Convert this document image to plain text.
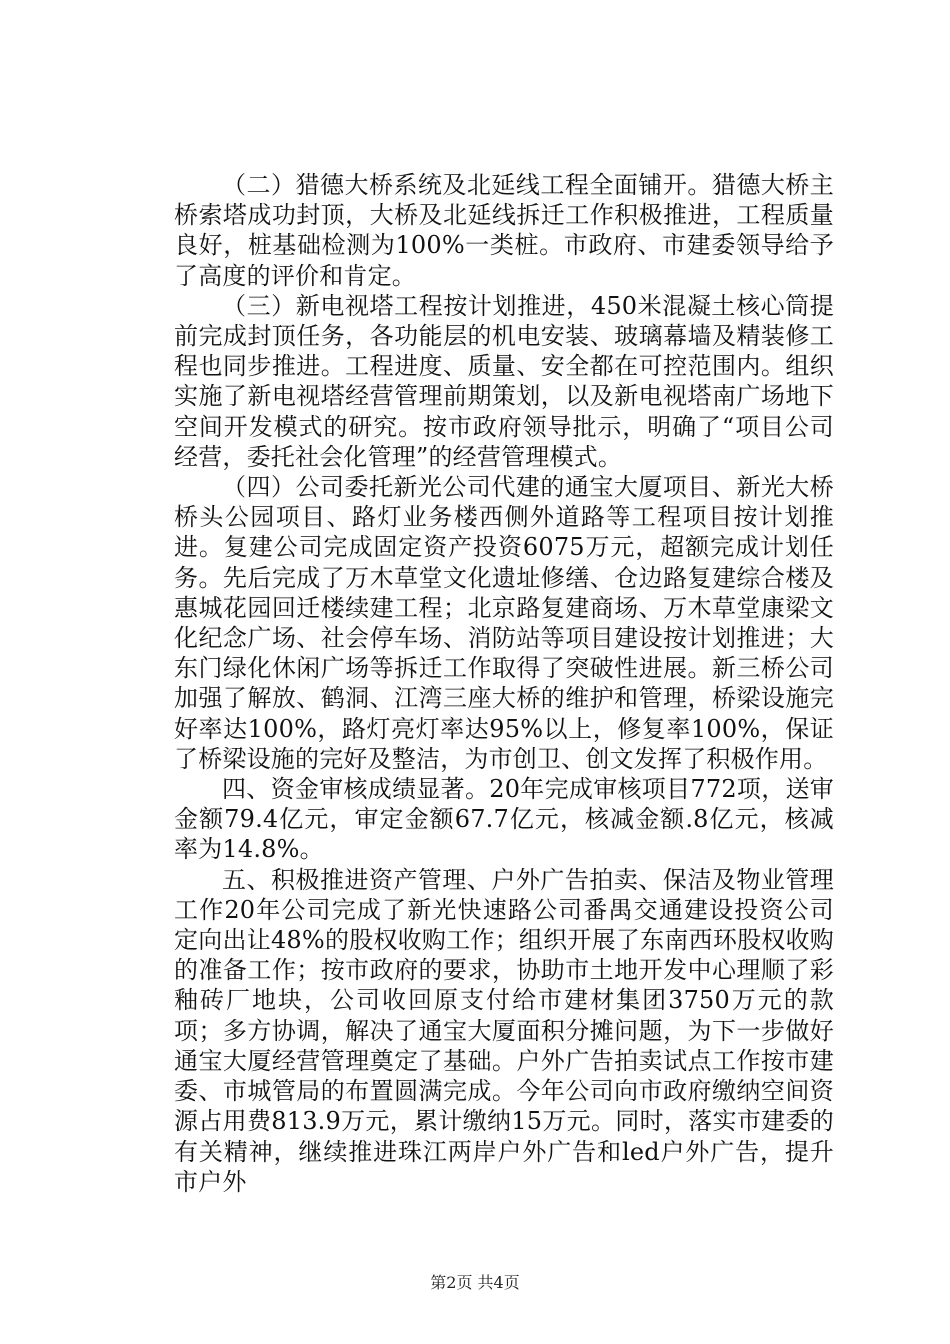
（二）猎德大桥系统及北延线工程全面铺开。猎德大桥主桥索塔成功封顶，大桥及北延线拆迁工作积极推进，工程质量良好，桩基础检测为100%一类桩。市政府、市建委领导给予了高度的评价和肯定。

（三）新电视塔工程按计划推进，450米混凝土核心筒提前完成封顶任务，各功能层的机电安装、玻璃幕墙及精装修工程也同步推进。工程进度、质量、安全都在可控范围内。组织实施了新电视塔经营管理前期策划，以及新电视塔南广场地下空间开发模式的研究。按市政府领导批示，明确了“项目公司经营，委托社会化管理”的经营管理模式。

（四）公司委托新光公司代建的通宝大厦项目、新光大桥桥头公园项目、路灯业务楼西侧外道路等工程项目按计划推进。复建公司完成固定资产投资6075万元，超额完成计划任务。先后完成了万木草堂文化遗址修缮、仓边路复建综合楼及惠城花园回迁楼续建工程；北京路复建商场、万木草堂康梁文化纪念广场、社会停车场、消防站等项目建设按计划推进；大东门绿化休闲广场等拆迁工作取得了突破性进展。新三桥公司加强了解放、鹤洞、江湾三座大桥的维护和管理，桥梁设施完好率达100%，路灯亮灯率达95%以上，修复率100%，保证了桥梁设施的完好及整洁，为市创卫、创文发挥了积极作用。

四、资金审核成绩显著。20年完成审核项目772项，送审金额79.4亿元，审定金额67.7亿元，核减金额.8亿元，核减率为14.8%。

五、积极推进资产管理、户外广告拍卖、保洁及物业管理工作20年公司完成了新光快速路公司番禺交通建设投资公司定向出让48%的股权收购工作；组织开展了东南西环股权收购的准备工作；按市政府的要求，协助市土地开发中心理顺了彩釉砖厂地块，公司收回原支付给市建材集团3750万元的款项；多方协调，解决了通宝大厦面积分摊问题，为下一步做好通宝大厦经营管理奠定了基础。户外广告拍卖试点工作按市建委、市城管局的布置圆满完成。今年公司向市政府缴纳空间资源占用费813.9万元，累计缴纳15万元。同时，落实市建委的有关精神，继续推进珠江两岸户外广告和led户外广告，提升市户外

第2页 共4页
